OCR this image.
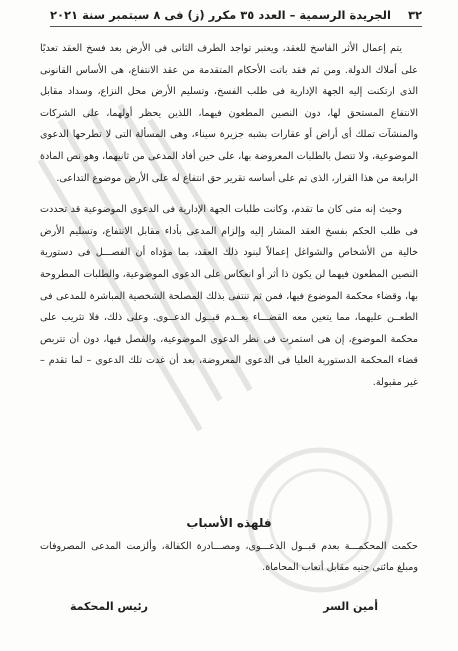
٣٢
الجريدة الرسمية – العدد ٣٥ مكرر (ز) فى ٨ سبتمبر سنة ٢٠٢١

يتم إعمال الأثر الفاسخ للعقد، ويعتبر تواجد الطرف الثانى فى الأرض بعد فسخ العقد تعديًا على أملاك الدولة. ومن ثم فقد باتت الأحكام المتقدمة من عقد الانتفاع، هى الأساس القانونى الذى ارتكنت إليه الجهة الإدارية فى طلب الفسخ، وتسليم الأرض محل النزاع، وسداد مقابل الانتفاع المستحق لها، دون النصين المطعون فيهما، اللذين يحظر أولهما، على الشركات والمنشآت تملك أى أراض أو عقارات بشبه جزيرة سيناء، وهى المسألة التى لا تطرحها الدعوى الموضوعية، ولا تتصل بالطلبات المعروضة بها، على حين أفاد المدعى من ثانيهما، وهو نص المادة الرابعة من هذا القرار، الذى تم على أساسه تقرير حق انتفاع له على الأرض موضوع التداعى.

وحيث إنه متى كان ما تقدم، وكانت طلبات الجهة الإدارية فى الدعوى الموضوعية قد تحددت فى طلب الحكم بفسخ العقد المشار إليه وإلزام المدعى بأداء مقابل الانتفاع، وتسليم الأرض خالية من الأشخاص والشواغل إعمالاً لبنود ذلك العقد، بما مؤداه أن الفصـــل فى دستورية النصين المطعون فيهما لن يكون ذا أثر أو انعكاس على الدعوى الموضوعية، والطلبات المطروحة بها، وقضاء محكمة الموضوع فيها، فمن ثم تنتفى بذلك المصلحة الشخصية المباشرة للمدعى فى الطعــن عليهما، مما يتعين معه القضـــاء بعــدم قبــول الدعــوى. وعلى ذلك، فلا تثريب على محكمة الموضوع، إن هى استمرت فى نظر الدعوى الموضوعية، والفصل فيها، دون أن تتربص قضاء المحكمة الدستورية العليا فى الدعوى المعروضة، بعد أن غدت تلك الدعوى – لما تقدم – غير مقبولة.

فلهذه الأسباب

حكمت المحكمـــة بعدم قبــول الدعـــوى، ومصـــادرة الكفالة، وألزمت المدعى المصروفات ومبلغ مائتى جنيه مقابل أتعاب المحاماة.

أمين السر
رئيس المحكمة
